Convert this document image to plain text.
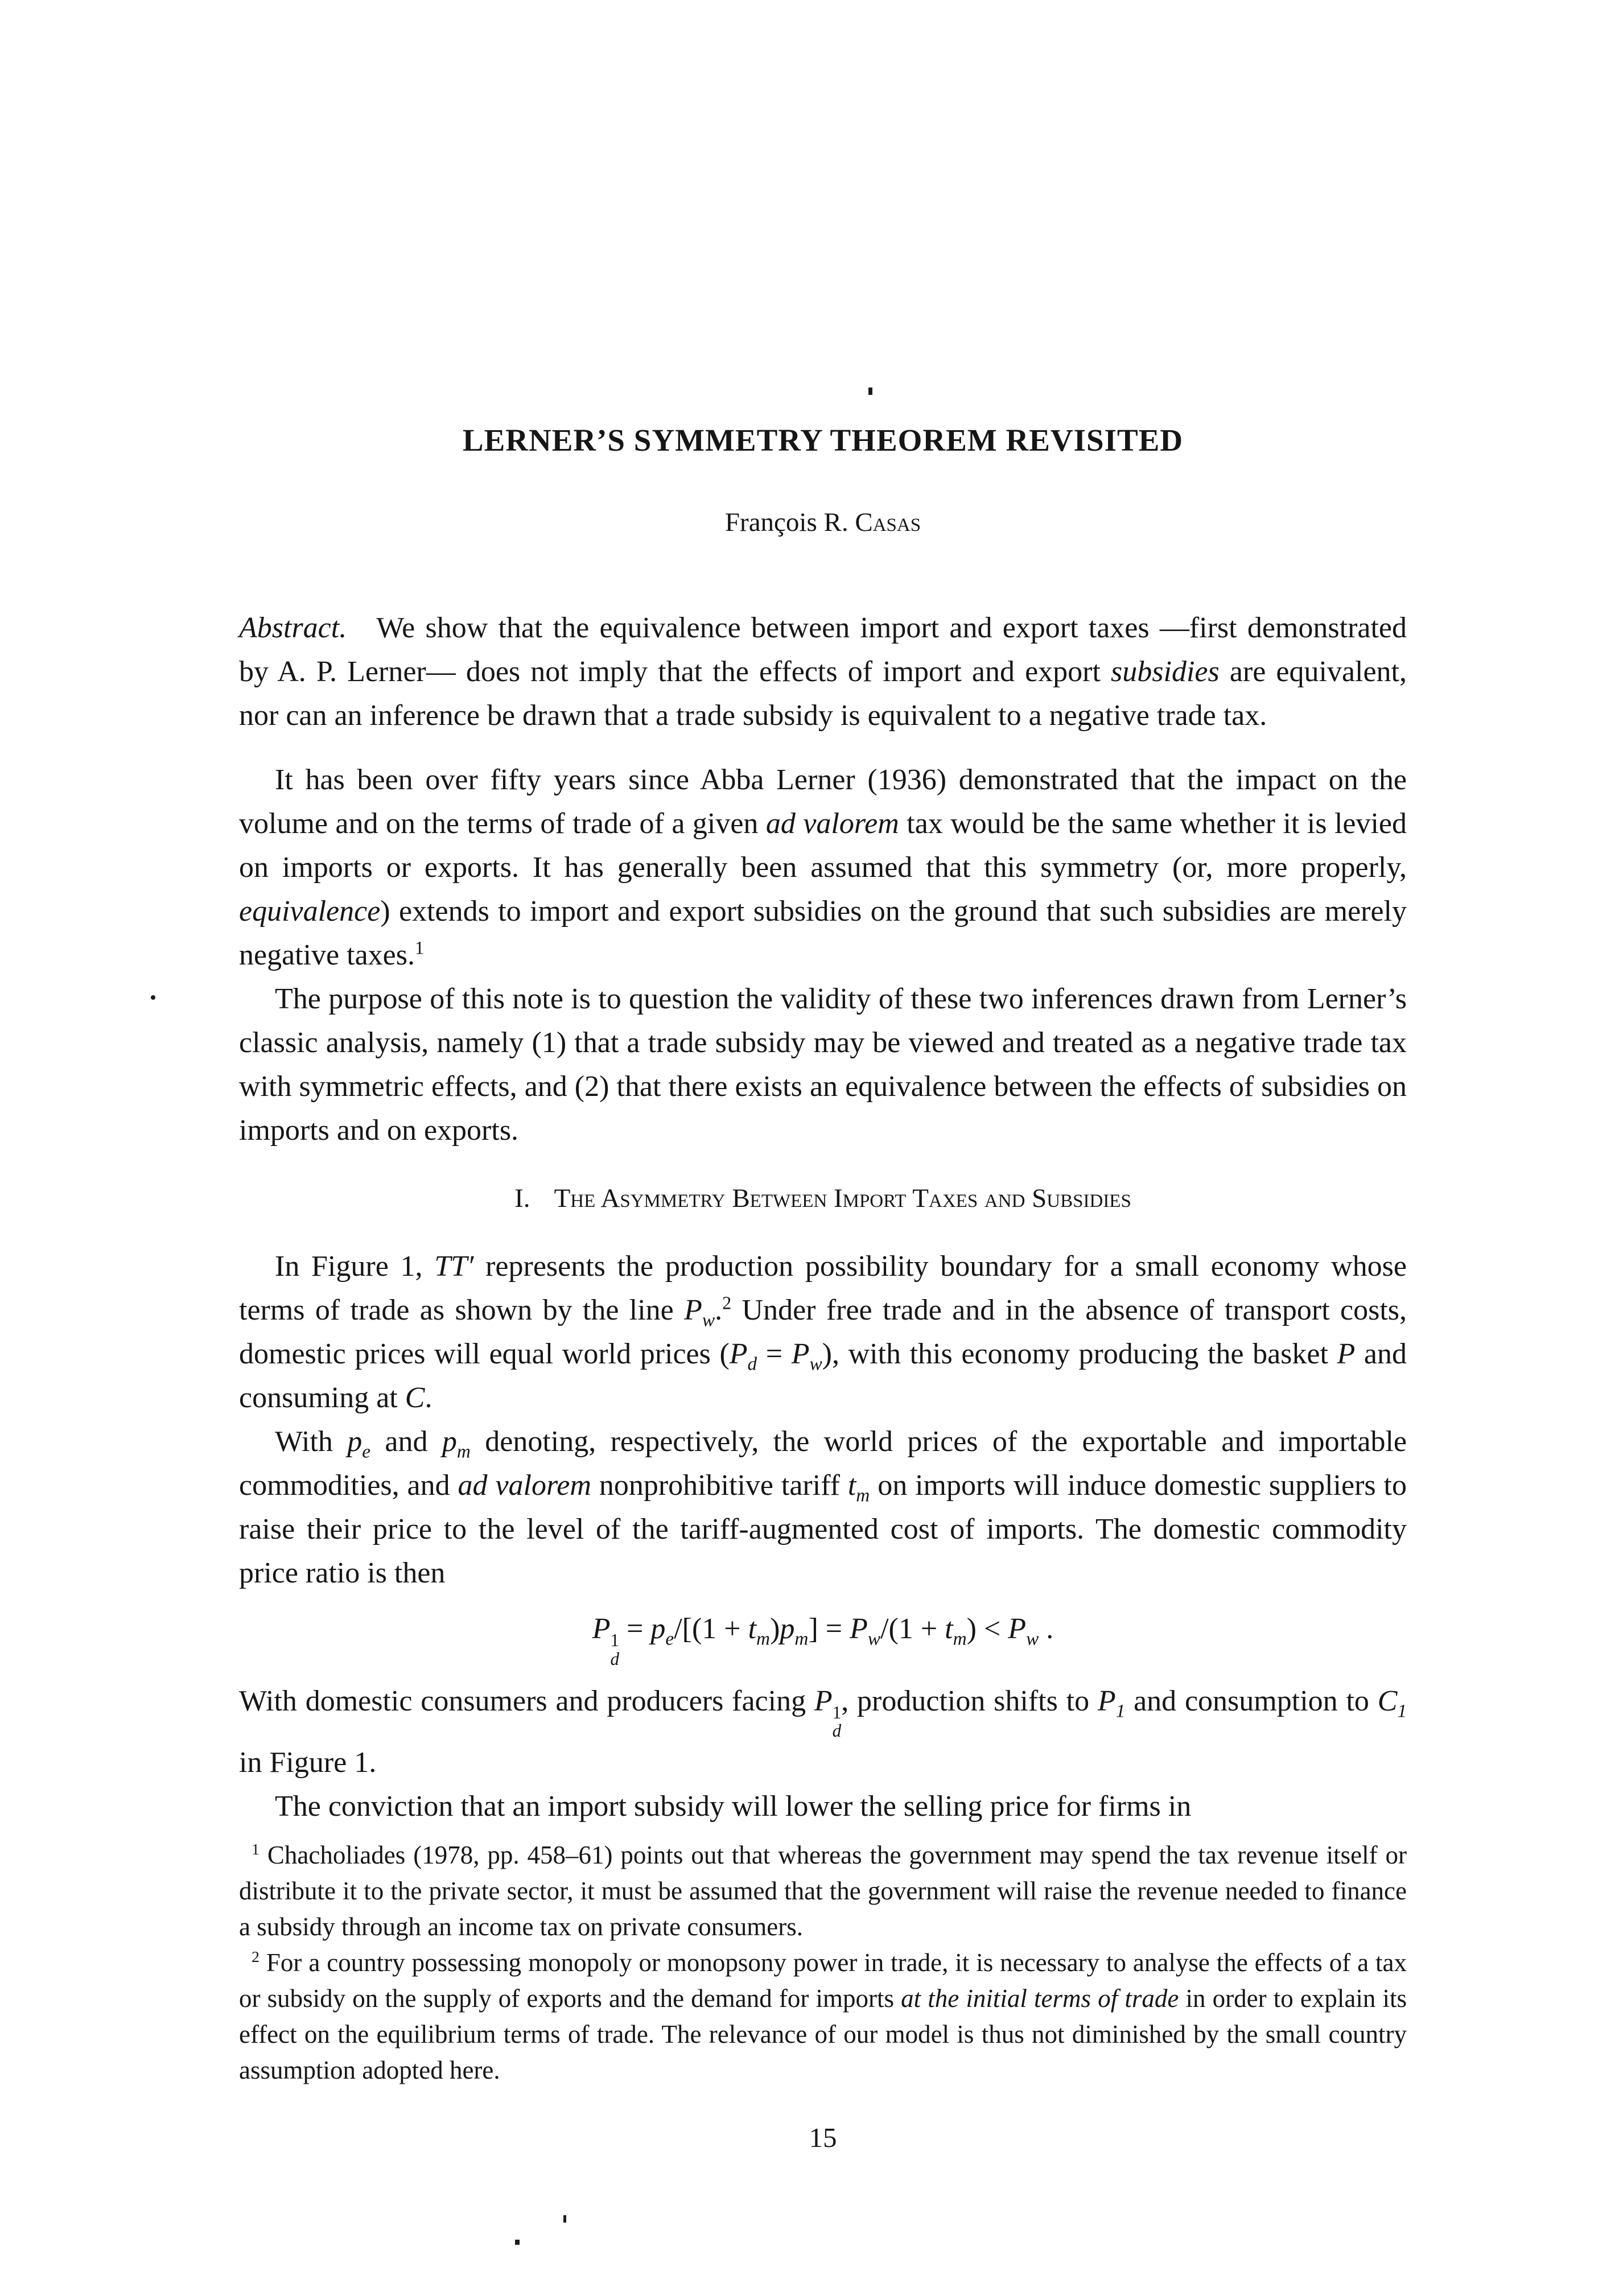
LERNER’S SYMMETRY THEOREM REVISITED
François R. Casas

Abstract. We show that the equivalence between import and export taxes ––first demonstrated by A. P. Lerner— does not imply that the effects of import and export subsidies are equivalent, nor can an inference be drawn that a trade subsidy is equivalent to a negative trade tax.

It has been over fifty years since Abba Lerner (1936) demonstrated that the impact on the volume and on the terms of trade of a given ad valorem tax would be the same whether it is levied on imports or exports. It has generally been assumed that this symmetry (or, more properly, equivalence) extends to import and export subsidies on the ground that such subsidies are merely negative taxes.$^1$

The purpose of this note is to question the validity of these two inferences drawn from Lerner’s classic analysis, namely (1) that a trade subsidy may be viewed and treated as a negative trade tax with symmetric effects, and (2) that there exists an equivalence between the effects of subsidies on imports and on exports.

I. The Asymmetry Between Import Taxes and Subsidies

In Figure 1, TT′ represents the production possibility boundary for a small economy whose terms of trade as shown by the line $P_w.^2$ Under free trade and in the absence of transport costs, domestic prices will equal world prices $(P_d = P_w)$, with this economy producing the basket P and consuming at C.

With $p_e$ and $p_m$ denoting, respectively, the world prices of the exportable and importable commodities, and ad valorem nonprohibitive tariff $t_m$ on imports will induce domestic suppliers to raise their price to the level of the tariff-augmented cost of imports. The domestic commodity price ratio is then

P 1
d
= $p_e/[(1 + t_m)p_m] = P_w/(1 + t_m) < P_w$ .

With domestic consumers and producers facing P 1
d
, production shifts to $P_1$ and consumption to $C_1$ in Figure 1.

The conviction that an import subsidy will lower the selling price for firms in

$^1$ Chacholiades (1978, pp. 458–61) points out that whereas the government may spend the tax revenue itself or distribute it to the private sector, it must be assumed that the government will raise the revenue needed to finance a subsidy through an income tax on private consumers.

$^2$ For a country possessing monopoly or monopsony power in trade, it is necessary to analyse the effects of a tax or subsidy on the supply of exports and the demand for imports at the initial terms of trade in order to explain its effect on the equilibrium terms of trade. The relevance of our model is thus not diminished by the small country assumption adopted here.

15
